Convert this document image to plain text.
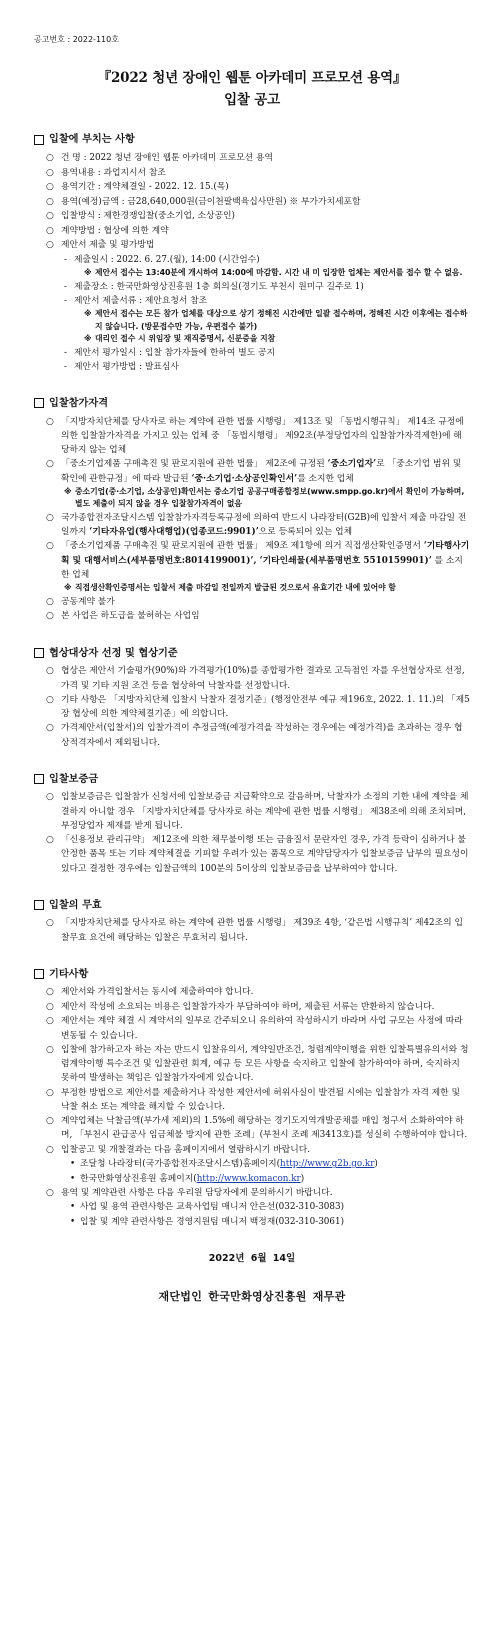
공고번호 : 2022-110호
『2022 청년 장애인 웹툰 아카데미 프로모션 용역』
입찰 공고
입찰에 부치는 사항
○ 건 명 : 2022 청년 장애인 웹툰 아카데미 프로모션 용역
○ 용역내용 : 과업지시서 참조
○ 용역기간 : 계약체결일 - 2022. 12. 15.(목)
○ 용역(예정)금액 : 금28,640,000원(금이천팔백육십사만원) ※ 부가가치세포함
○ 입찰방식 : 제한경쟁입찰(중소기업, 소상공인)
○ 계약방법 : 협상에 의한 계약
○ 제안서 제출 및 평가방법
- 제출일시 : 2022. 6. 27.(월), 14:00 (시간엄수)
※ 제안서 접수는 13:40분에 개시하여 14:00에 마감함. 시간 내 미 입장한 업체는 제안서를 접수 할 수 없음.
- 제출장소 : 한국만화영상진흥원 1층 회의실(경기도 부천시 원미구 길주로 1)
- 제안서 제출서류 : 제안요청서 참조
※ 제안서 접수는 모든 참가 업체를 대상으로 상기 정해진 시간에만 일괄 접수하며, 정해진 시간 이후에는 접수하지 않습니다. (방문접수만 가능, 우편접수 불가)
※ 대리인 접수 시 위임장 및 재직증명서, 신분증을 지참
- 제안서 평가일시 : 입찰 참가자들에 한하여 별도 공지
- 제안서 평가방법 : 발표심사
입찰참가자격
○ 「지방자치단체를 당사자로 하는 계약에 관한 법률 시행령」 제13조 및 「동법시행규칙」 제14조 규정에 의한 입찰참가자격을 가지고 있는 업체 중 「동법시행령」 제92조(부정당업자의 입찰참가자격제한)에 해당하지 않는 업체
○ 「중소기업제품 구매촉진 및 판로지원에 관한 법률」 제2조에 규정된 ‘중소기업자’로 「중소기업 범위 및 확인에 관한규정」에 따라 발급된 ‘중·소기업·소상공인확인서’를 소지한 업체
※ 중소기업(중·소기업, 소상공인)확인서는 중소기업 공공구매종합정보(www.smpp.go.kr)에서 확인이 가능하며, 별도 제출이 되지 않을 경우 입찰참가자격이 없음
○ 국가종합전자조달시스템 입찰참가자격등록규정에 의하여 반드시 나라장터(G2B)에 입찰서 제출 마감일 전일까지 ‘기타자유업(행사대행업)(업종코드:9901)’으로 등록되어 있는 업체
○ 「중소기업제품 구매촉진 및 판로지원에 관한 법률」 제9조 제1항에 의거 직접생산확인증명서 ‘기타행사기획 및 대행서비스(세부품명번호:8014199001)’, ‘기타인쇄물(세부품명번호 5510159901)’ 를 소지한 업체
※ 직접생산확인증명서는 입찰서 제출 마감일 전일까지 발급된 것으로서 유효기간 내에 있어야 함
○ 공동계약 불가
○ 본 사업은 하도급을 불허하는 사업임
협상대상자 선정 및 협상기준
○ 협상은 제안서 기술평가(90%)와 가격평가(10%)를 종합평가한 결과로 고득점인 자를 우선협상자로 선정, 가격 및 기타 지원 조건 등을 협상하여 낙찰자를 선정합니다.
○ 기타 사항은 「지방자치단체 입찰시 낙찰자 결정기준」(행정안전부 예규 제196호, 2022. 1. 11.)의 「제5장 협상에 의한 계약체결기준」에 의합니다.
○ 가격제안서(입찰서)의 입찰가격이 추정금액(예정가격을 작성하는 경우에는 예정가격)을 초과하는 경우 협상적격자에서 제외됩니다.
입찰보증금
○ 입찰보증금은 입찰참가 신청서에 입찰보증금 지급확약으로 갈음하며, 낙찰자가 소정의 기한 내에 계약을 체결하지 아니할 경우 「지방자치단체를 당사자로 하는 계약에 관한 법률 시행령」 제38조에 의해 조치되며, 부정당업자 제재를 받게 됩니다.
○ 「신용정보 관리규약」 제12조에 의한 채무불이행 또는 금융질서 문란자인 경우, 가격 등락이 심하거나 불안정한 품목 또는 기타 계약체결을 기피할 우려가 있는 품목으로 계약담당자가 입찰보증금 납부의 필요성이 있다고 결정한 경우에는 입찰금액의 100분의 5이상의 입찰보증금을 납부하여야 합니다.
입찰의 무효
○ 「지방자치단체를 당사자로 하는 계약에 관한 법률 시행령」 제39조 4항, ‘같은법 시행규칙’ 제42조의 입찰무효 요건에 해당하는 입찰은 무효처리 됩니다.
기타사항
○ 제안서와 가격입찰서는 동시에 제출하여야 합니다.
○ 제안서 작성에 소요되는 비용은 입찰참가자가 부담하여야 하며, 제출된 서류는 반환하지 않습니다.
○ 제안서는 계약 체결 시 계약서의 일부로 간주되오니 유의하여 작성하시기 바라며 사업 규모는 사정에 따라 변동될 수 있습니다.
○ 입찰에 참가하고자 하는 자는 반드시 입찰유의서, 계약일반조건, 청렴계약이행을 위한 입찰특별유의서와 청렴계약이행 특수조건 및 입찰관련 회계, 예규 등 모든 사항을 숙지하고 입찰에 참가하여야 하며, 숙지하지 못하여 발생하는 책임은 입찰참가자에게 있습니다.
○ 부정한 방법으로 제안서를 제출하거나 작성한 제안서에 허위사실이 발견될 시에는 입찰참가 자격 제한 및 낙찰 취소 또는 계약을 해지할 수 있습니다.
○ 계약업체는 낙찰금액(부가세 제외)의 1.5%에 해당하는 경기도지역개발공채를 매입 청구서 소화하여야 하며, 「부천시 관급공사 임금체불 방지에 관한 조례」(부천시 조례 제3413호)를 성실히 수행하여야 합니다.
○ 입찰공고 및 개찰결과는 다음 홈페이지에서 열람하시기 바랍니다.
• 조달청 나라장터(국가종합전자조달시스템)홈페이지(http://www.g2b.go.kr)
• 한국만화영상진흥원 홈페이지(http://www.komacon.kr)
○ 용역 및 계약관련 사항은 다음 우리원 담당자에게 문의하시기 바랍니다.
• 사업 및 용역 관련사항은 교육사업팀 매니저 안은선(032-310-3083)
• 입찰 및 계약 관련사항은 경영지원팀 매니저 백정재(032-310-3061)
2022년 6월 14일
재단법인 한국만화영상진흥원 재무관
